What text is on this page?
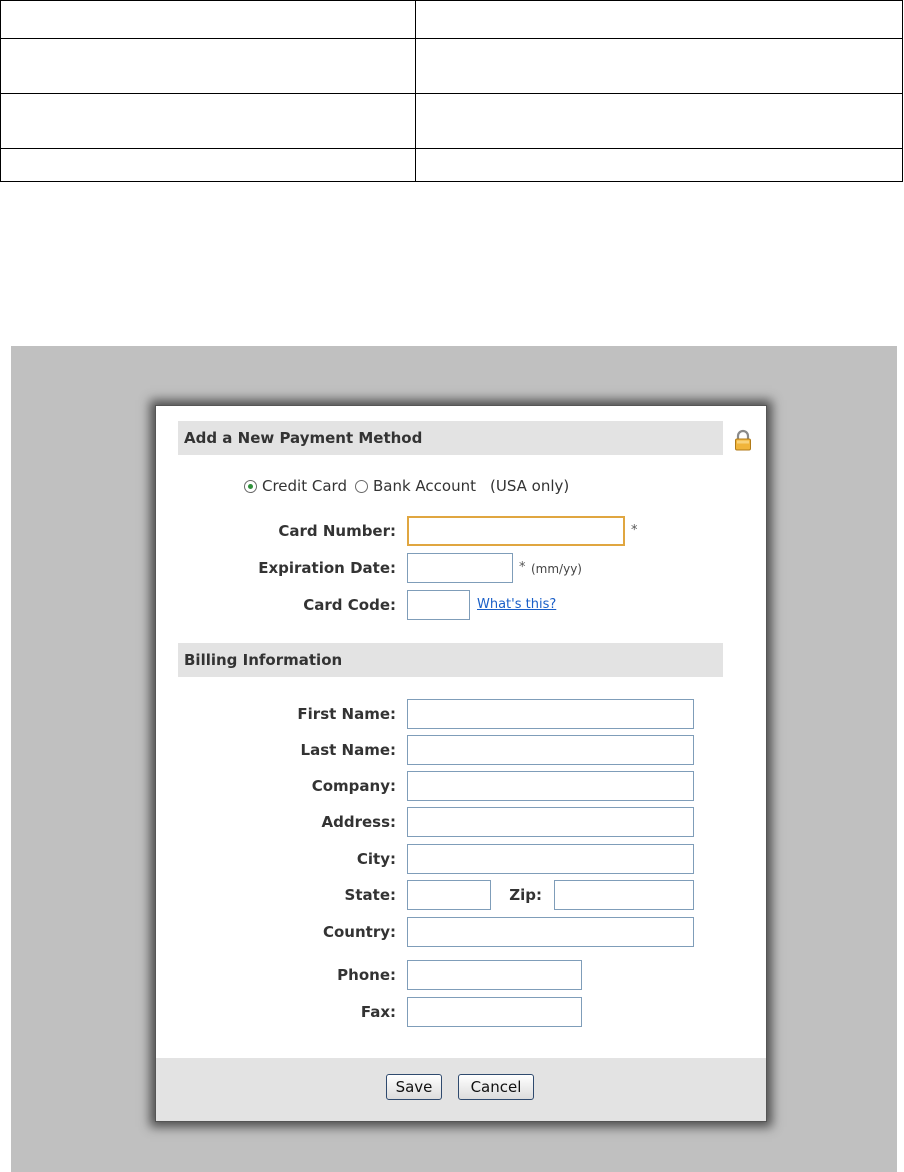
Add a New Payment Method
Credit Card Bank Account (USA only)
Card Number:	*
Expiration Date:	* (mm/yy)
Card Code:	What's this?
Billing Information
First Name:
Last Name:
Company:
Address:
City:
State:	Zip:
Country:
Phone:
Fax:
Save	Cancel
